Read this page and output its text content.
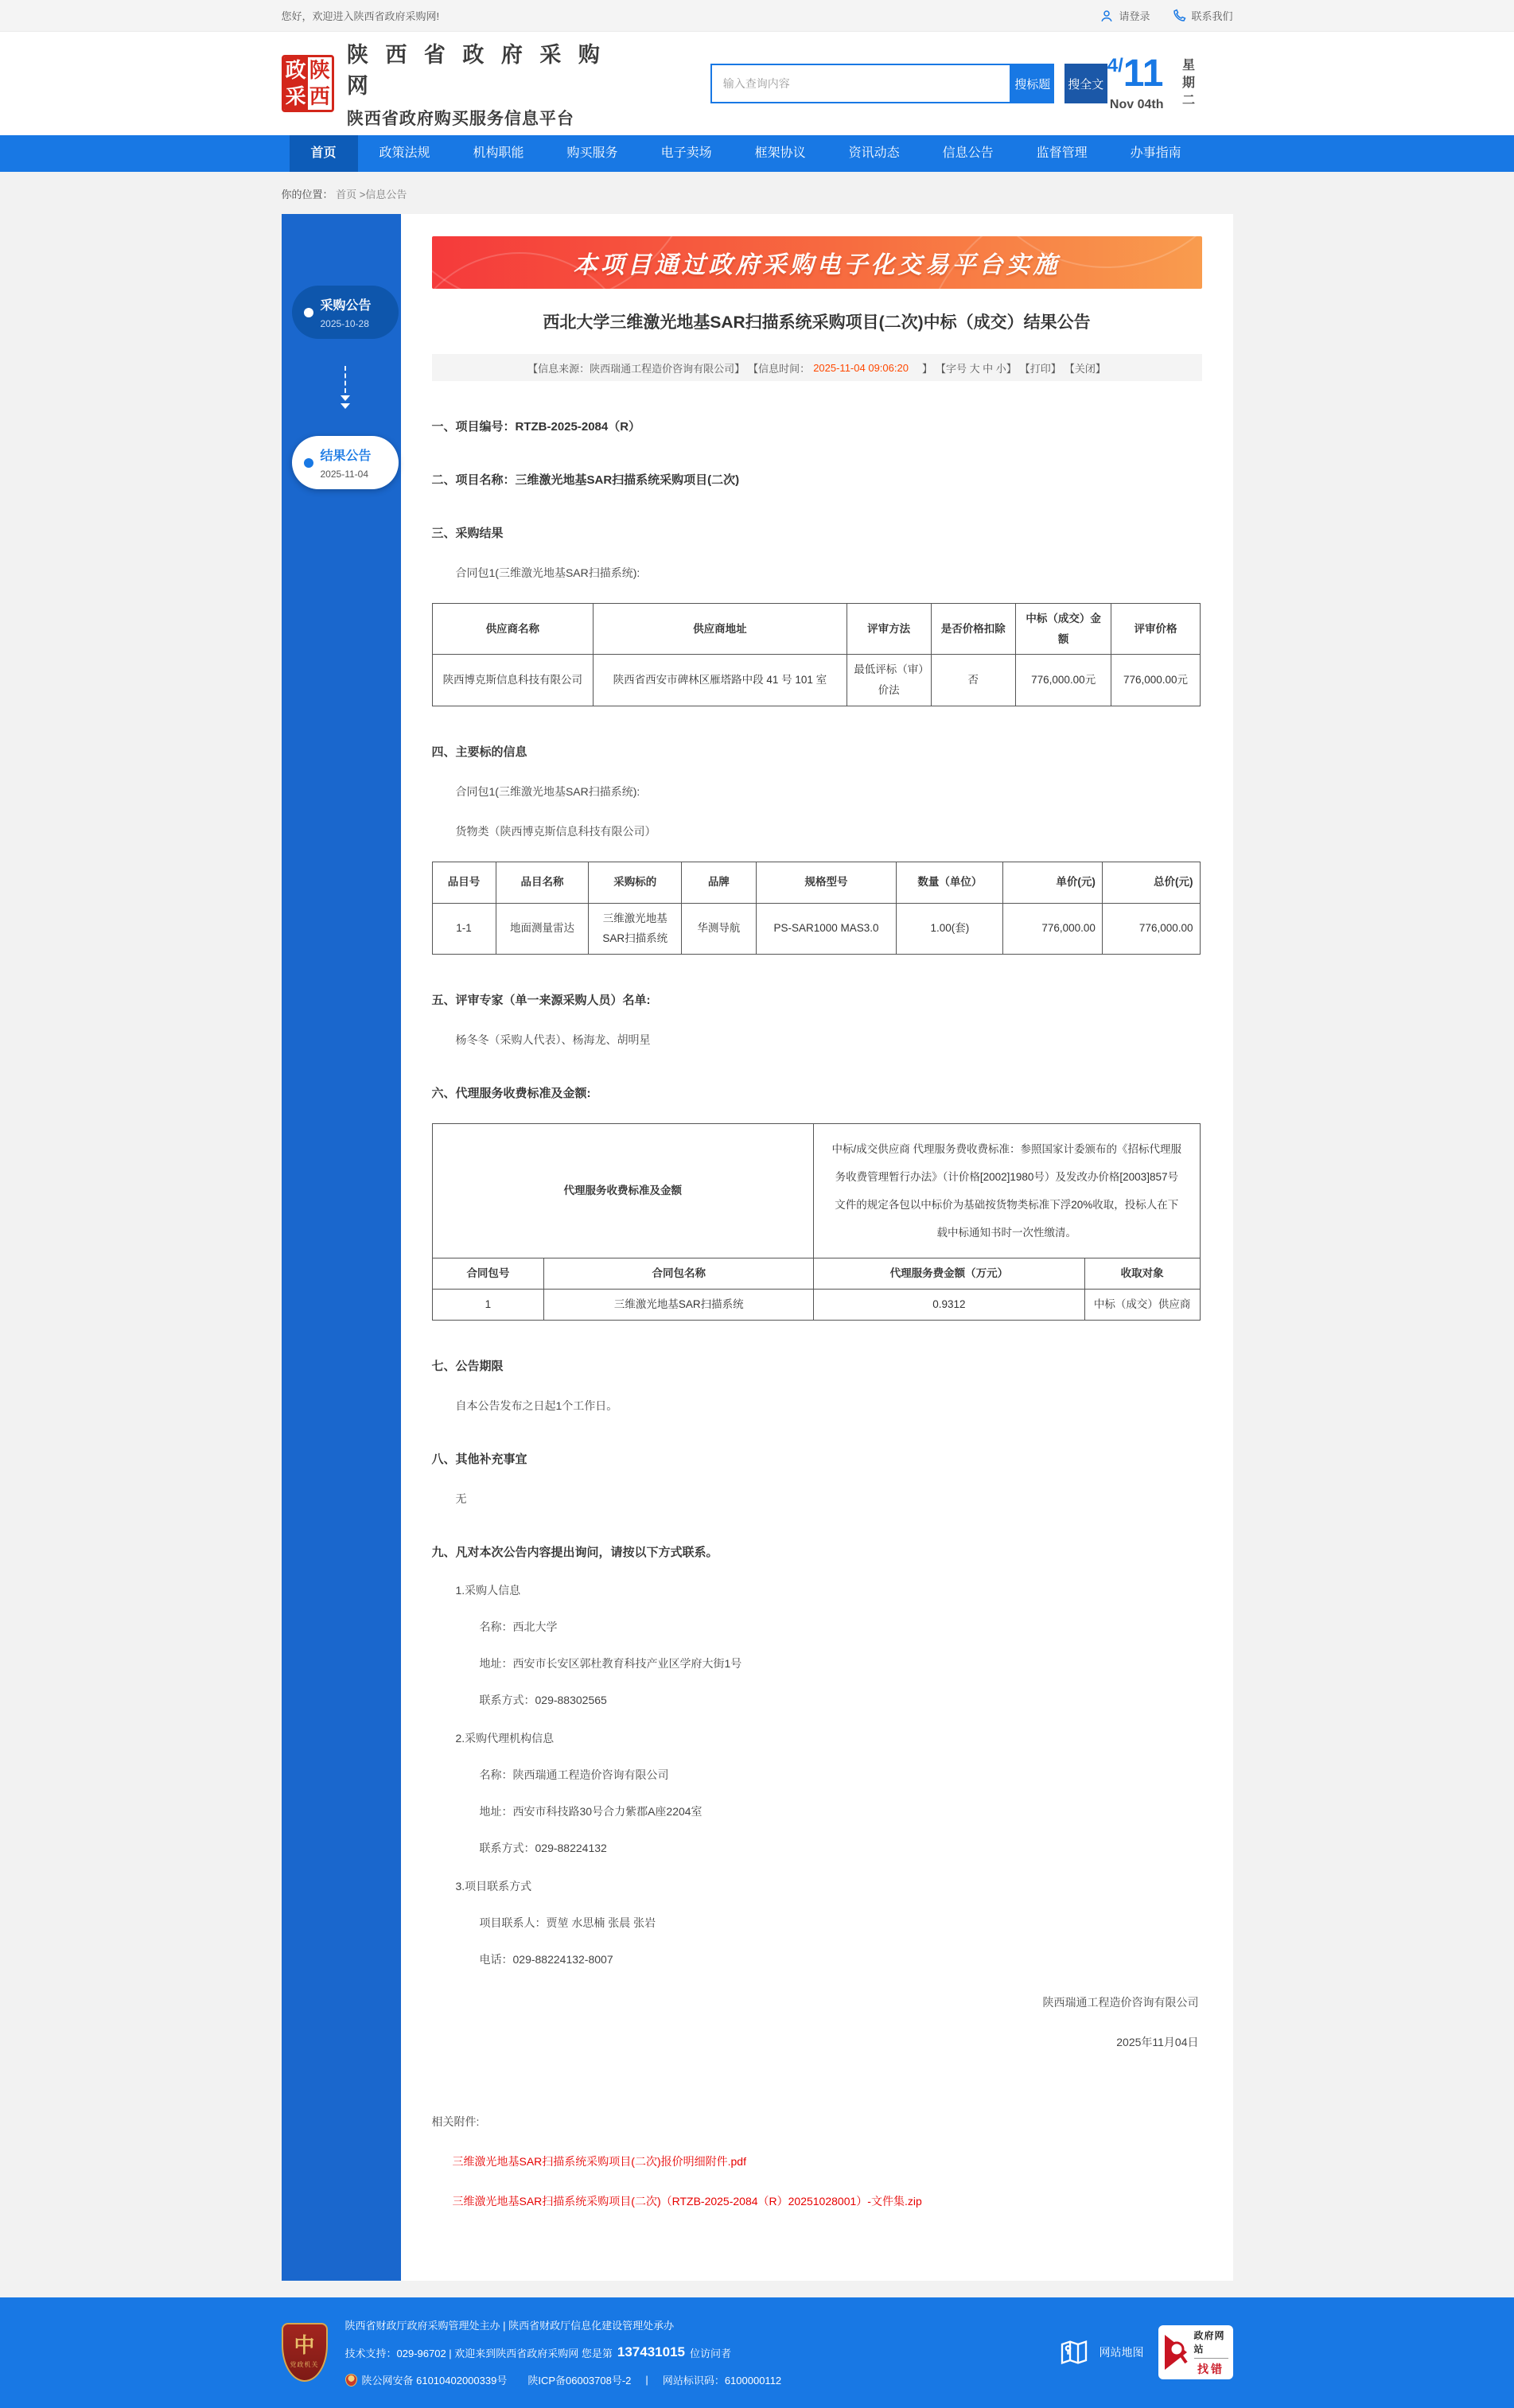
您好，欢迎进入陕西省政府采购网!	请登录	联系我们
政 陕
采 西
陕 西 省 政 府 采 购 网
陕西省政府购买服务信息平台
输入查询内容
搜标题	搜全文
4/11
Nov 04th 星期二
首页	政策法规	机构职能	购买服务	电子卖场	框架协议	资讯动态	信息公告	监督管理	办事指南
你的位置： 首页 >信息公告
采购公告
2025-10-28
结果公告
2025-11-04
本项目通过政府采购电子化交易平台实施
西北大学三维激光地基SAR扫描系统采购项目(二次)中标（成交）结果公告
【信息来源：陕西瑞通工程造价咨询有限公司】 【信息时间： 2025-11-04 09:06:20 　】 【字号 大 中 小】 【打印】 【关闭】
一、项目编号：RTZB-2025-2084（R）
二、项目名称：三维激光地基SAR扫描系统采购项目(二次)
三、采购结果
合同包1(三维激光地基SAR扫描系统):
供应商名称	供应商地址	评审方法	是否价格扣除	中标（成交）金额	评审价格
陕西博克斯信息科技有限公司	陕西省西安市碑林区雁塔路中段 41 号 101 室	最低评标（审）价法	否	776,000.00元	776,000.00元
四、主要标的信息
合同包1(三维激光地基SAR扫描系统):
货物类（陕西博克斯信息科技有限公司）
品目号	品目名称	采购标的	品牌	规格型号	数量（单位）	单价(元)	总价(元)
1-1	地面测量雷达	三维激光地基SAR扫描系统	华测导航	PS-SAR1000 MAS3.0	1.00(套)	776,000.00	776,000.00
五、评审专家（单一来源采购人员）名单:
杨冬冬（采购人代表）、杨海龙、胡明星
六、代理服务收费标准及金额:
代理服务收费标准及金额		中标/成交供应商 代理服务费收费标准：参照国家计委颁布的《招标代理服务收费管理暂行办法》（计价格[2002]1980号）及发改办价格[2003]857号文件的规定各包以中标价为基础按货物类标准下浮20%收取，投标人在下载中标通知书时一次性缴清。	
合同包号	合同包名称	代理服务费金额（万元）	收取对象
1	三维激光地基SAR扫描系统	0.9312	中标（成交）供应商
七、公告期限
自本公告发布之日起1个工作日。
八、其他补充事宜
无
九、凡对本次公告内容提出询问，请按以下方式联系。
1.采购人信息
名称：西北大学
地址：西安市长安区郭杜教育科技产业区学府大街1号
联系方式：029-88302565
2.采购代理机构信息
名称：陕西瑞通工程造价咨询有限公司
地址：西安市科技路30号合力紫郡A座2204室
联系方式：029-88224132
3.项目联系方式
项目联系人：贾堃 水思楠 张晨 张岩
电话：029-88224132-8007
陕西瑞通工程造价咨询有限公司
2025年11月04日
相关附件:
三维激光地基SAR扫描系统采购项目(二次)报价明细附件.pdf
三维激光地基SAR扫描系统采购项目(二次)（RTZB-2025-2084（R）20251028001）-文件集.zip
中
党政机关
陕西省财政厅政府采购管理处主办 | 陕西省财政厅信息化建设管理处承办
技术支持：029-96702 | 欢迎来到陕西省政府采购网 您是第 137431015 位访问者
陕公网安备 61010402000339号 陕ICP备06003708号-2 | 网站标识码：6100000112
网站地图
政府网站
找错
